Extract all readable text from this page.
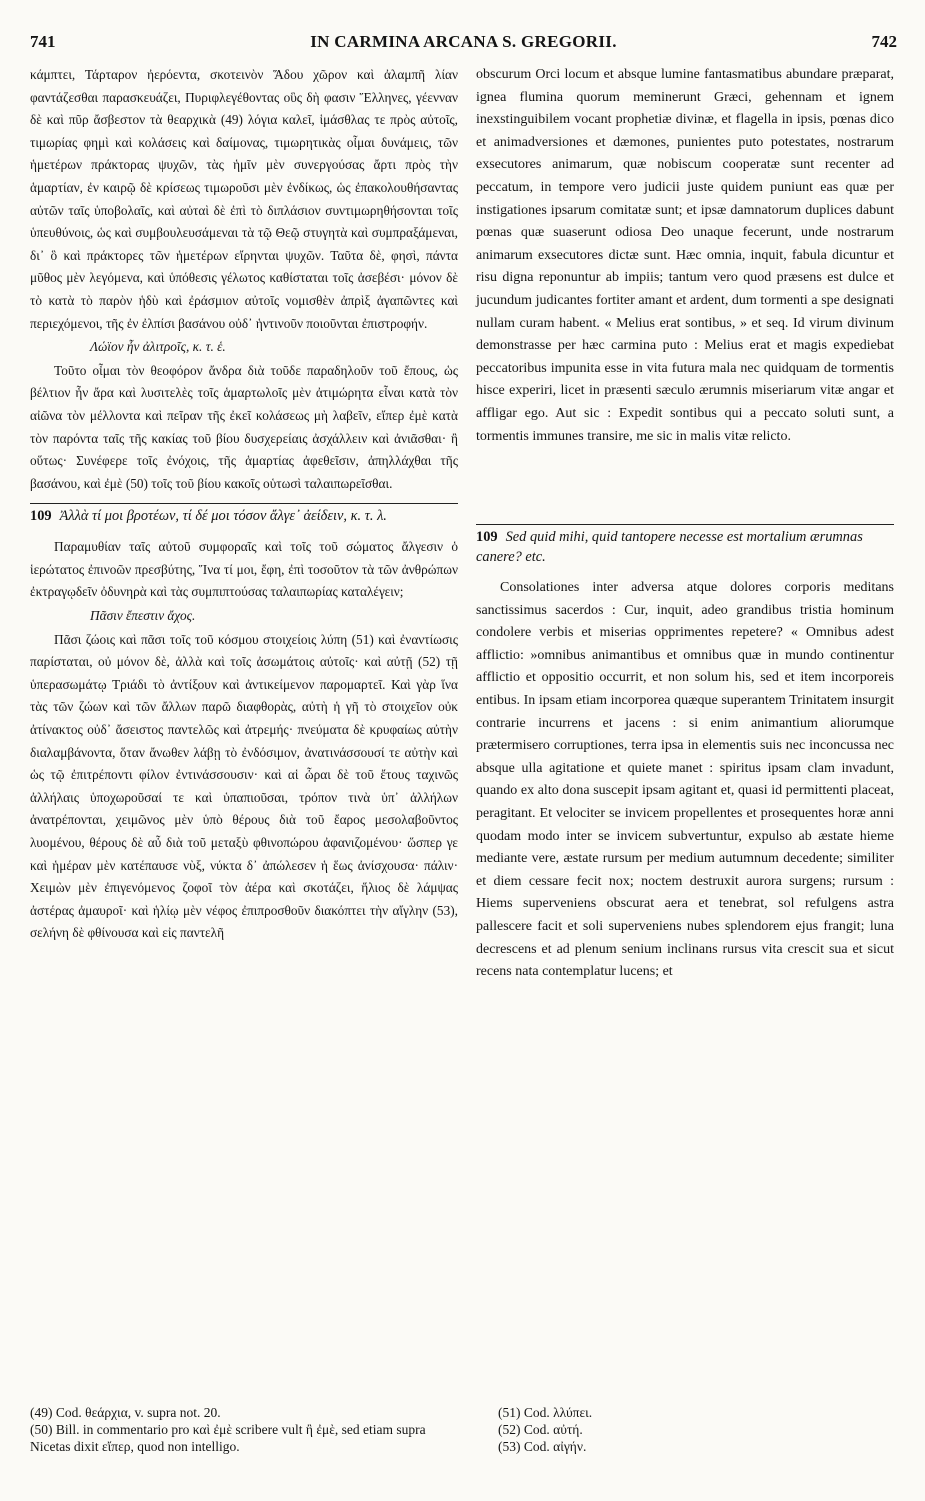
741	IN CARMINA ARCANA S. GREGORII.	742

κάμπτει, Τάρταρον ἠερόεντα, σκοτεινὸν Ἅδου χῶρον καὶ ἀλαμπῆ λίαν φαντάζεσθαι παρασκευάζει, Πυριφλεγέθοντας οὓς δὴ φασιν Ἕλληνες, γέενναν δὲ καὶ πῦρ ἄσβεστον τὰ θεαρχικὰ (49) λόγια καλεῖ, ἱμάσθλας τε πρὸς αὐτοῖς, τιμωρίας φημὶ καὶ κολάσεις καὶ δαίμονας, τιμωρητικὰς οἶμαι δυνάμεις, τῶν ἡμετέρων πράκτορας ψυχῶν, τὰς ἡμῖν μὲν συνεργούσας ἄρτι πρὸς τὴν ἁμαρτίαν, ἐν καιρῷ δὲ κρίσεως τιμωροῦσι μὲν ἐνδίκως, ὡς ἐπακολουθήσαντας αὐτῶν ταῖς ὑποβολαῖς, καὶ αὐταὶ δὲ ἐπὶ τὸ διπλάσιον συντιμωρηθήσονται τοῖς ὑπευθύνοις, ὡς καὶ συμβουλευσάμεναι τὰ τῷ Θεῷ στυγητὰ καὶ συμπραξάμεναι, δι᾽ ὃ καὶ πράκτορες τῶν ἡμετέρων εἴρηνται ψυχῶν. Ταῦτα δὲ, φησὶ, πάντα μῦθος μὲν λεγόμενα, καὶ ὑπόθεσις γέλωτος καθίσταται τοῖς ἀσεβέσι· μόνον δὲ τὸ κατὰ τὸ παρὸν ἡδὺ καὶ ἐράσμιον αὐτοῖς νομισθὲν ἀπρὶξ ἀγαπῶντες καὶ περιεχόμενοι, τῆς ἐν ἐλπίσι βασάνου οὐδ᾽ ἡντινοῦν ποιοῦνται ἐπιστροφήν.

Λώϊον ἦν ἀλιτροῖς, κ. τ. ἑ.

Τοῦτο οἶμαι τὸν θεοφόρον ἄνδρα διὰ τοῦδε παραδηλοῦν τοῦ ἔπους, ὡς βέλτιον ἦν ἄρα καὶ λυσιτελὲς τοῖς ἁμαρτωλοῖς μὲν ἀτιμώρητα εἶναι κατὰ τὸν αἰῶνα τὸν μέλλοντα καὶ πεῖραν τῆς ἐκεῖ κολάσεως μὴ λαβεῖν, εἴπερ ἐμὲ κατὰ τὸν παρόντα ταῖς τῆς κακίας τοῦ βίου δυσχερείαις ἀσχάλλειν καὶ ἀνιᾶσθαι· ἢ οὕτως· Συνέφερε τοῖς ἐνόχοις, τῆς ἁμαρτίας ἀφεθεῖσιν, ἀπηλλάχθαι τῆς βασάνου, καὶ ἐμὲ (50) τοῖς τοῦ βίου κακοῖς οὑτωσὶ ταλαιπωρεῖσθαι.

109 Ἀλλὰ τί μοι βροτέων, τί δέ μοι τόσον ἄλγε᾽ ἀείδειν, κ. τ. λ.

Παραμυθίαν ταῖς αὐτοῦ συμφοραῖς καὶ τοῖς τοῦ σώματος ἄλγεσιν ὁ ἱερώτατος ἐπινοῶν πρεσβύτης, Ἵνα τί μοι, ἔφη, ἐπὶ τοσοῦτον τὰ τῶν ἀνθρώπων ἐκτραγῳδεῖν ὀδυνηρὰ καὶ τὰς συμπιπτούσας ταλαιπωρίας καταλέγειν;

Πᾶσιν ἔπεστιν ἄχος.

Πᾶσι ζώοις καὶ πᾶσι τοῖς τοῦ κόσμου στοιχείοις λύπη (51) καὶ ἐναντίωσις παρίσταται, οὐ μόνον δὲ, ἀλλὰ καὶ τοῖς ἀσωμάτοις αὐτοῖς· καὶ αὐτῇ (52) τῇ ὑπερασωμάτῳ Τριάδι τὸ ἀντίξουν καὶ ἀντικείμενον παρομαρτεῖ. Καὶ γὰρ ἵνα τὰς τῶν ζώων καὶ τῶν ἄλλων παρῶ διαφθορὰς, αὐτὴ ἡ γῆ τὸ στοιχεῖον οὐκ ἀτίνακτος οὐδ᾽ ἄσειστος παντελῶς καὶ ἀτρεμής· πνεύματα δὲ κρυφαίως αὐτὴν διαλαμβάνοντα, ὅταν ἄνωθεν λάβῃ τὸ ἐνδόσιμον, ἀνατινάσσουσί τε αὐτὴν καὶ ὡς τῷ ἐπιτρέποντι φίλον ἐντινάσσουσιν· καὶ αἱ ὧραι δὲ τοῦ ἔτους ταχινῶς ἀλλήλαις ὑποχωροῦσαί τε καὶ ὑπαπιοῦσαι, τρόπον τινὰ ὑπ᾽ ἀλλήλων ἀνατρέπονται, χειμῶνος μὲν ὑπὸ θέρους διὰ τοῦ ἔαρος μεσολαβοῦντος λυομένου, θέρους δὲ αὖ διὰ τοῦ μεταξὺ φθινοπώρου ἀφανιζομένου· ὥσπερ γε καὶ ἡμέραν μὲν κατέπαυσε νὺξ, νύκτα δ᾽ ἀπώλεσεν ἡ ἕως ἀνίσχουσα· πάλιν· Χειμὼν μὲν ἐπιγενόμενος ζοφοῖ τὸν ἀέρα καὶ σκοτάζει, ἥλιος δὲ λάμψας ἀστέρας ἀμαυροῖ· καὶ ἡλίῳ μὲν νέφος ἐπιπροσθοῦν διακόπτει τὴν αἴγλην (53), σελήνη δὲ φθίνουσα καὶ εἰς παντελῆ

obscurum Orci locum et absque lumine fantasmatibus abundare præparat, ignea flumina quorum meminerunt Græci, gehennam et ignem inexstinguibilem vocant prophetiæ divinæ, et flagella in ipsis, pœnas dico et animadversiones et dæmones, punientes puto potestates, nostrarum exsecutores animarum, quæ nobiscum cooperatæ sunt recenter ad peccatum, in tempore vero judicii juste quidem puniunt eas quæ per instigationes ipsarum comitatæ sunt; et ipsæ damnatorum duplices dabunt pœnas quæ suaserunt odiosa Deo unaque fecerunt, unde nostrarum animarum exsecutores dictæ sunt. Hæc omnia, inquit, fabula dicuntur et risu digna reponuntur ab impiis; tantum vero quod præsens est dulce et jucundum judicantes fortiter amant et ardent, dum tormenti a spe designati nullam curam habent. « Melius erat sontibus, » et seq. Id virum divinum demonstrasse per hæc carmina puto : Melius erat et magis expediebat peccatoribus impunita esse in vita futura mala nec quidquam de tormentis hisce experiri, licet in præsenti sæculo ærumnis miseriarum vitæ angar et affligar ego. Aut sic : Expedit sontibus qui a peccato soluti sunt, a tormentis immunes transire, me sic in malis vitæ relicto.

109 Sed quid mihi, quid tantopere necesse est mortalium ærumnas canere? etc.

Consolationes inter adversa atque dolores corporis meditans sanctissimus sacerdos : Cur, inquit, adeo grandibus tristia hominum condolere verbis et miserias opprimentes repetere? « Omnibus adest afflictio: »omnibus animantibus et omnibus quæ in mundo continentur afflictio et oppositio occurrit, et non solum his, sed et item incorporeis entibus. In ipsam etiam incorporea quæque superantem Trinitatem insurgit contrarie incurrens et jacens : si enim animantium aliorumque prætermisero corruptiones, terra ipsa in elementis suis nec inconcussa nec absque ulla agitatione et quiete manet : spiritus ipsam clam invadunt, quando ex alto dona suscepit ipsam agitant et, quasi id permittenti placeat, peragitant. Et velociter se invicem propellentes et prosequentes horæ anni quodam modo inter se invicem subvertuntur, expulso ab æstate hieme mediante vere, æstate rursum per medium autumnum decedente; similiter et diem cessare fecit nox; noctem destruxit aurora surgens; rursum : Hiems superveniens obscurat aera et tenebrat, sol refulgens astra pallescere facit et soli superveniens nubes splendorem ejus frangit; luna decrescens et ad plenum senium inclinans rursus vita crescit sua et sicut recens nata contemplatur lucens; et

(49) Cod. θεάρχια, v. supra not. 20.
(50) Bill. in commentario pro καὶ ἐμὲ scribere vult ἢ ἐμὲ, sed etiam supra Nicetas dixit εἴπερ, quod non intelligo.
(51) Cod. λλύπει.
(52) Cod. αὐτή.
(53) Cod. αἰγήν.
